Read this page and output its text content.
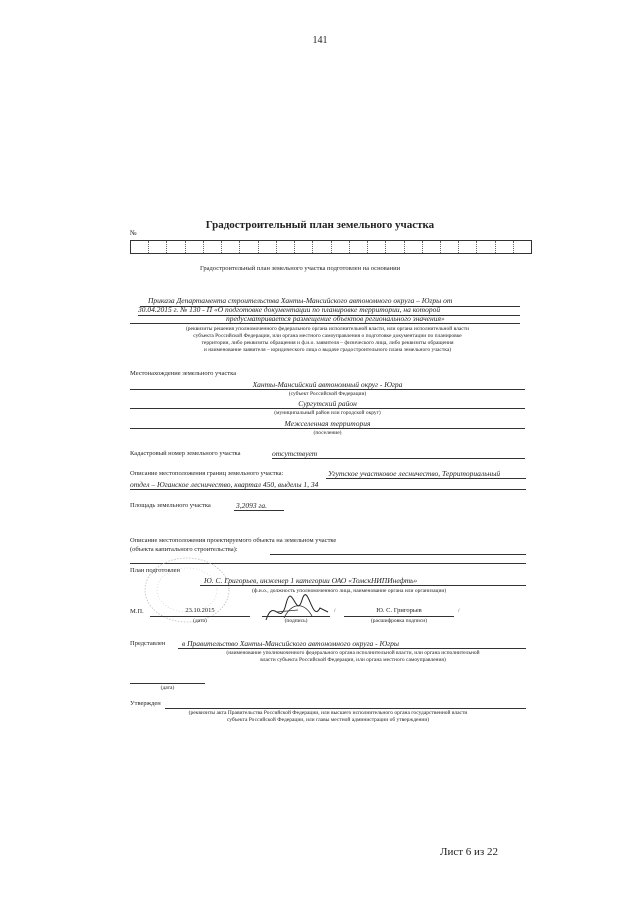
141
Градостроительный план земельного участка
№
Градостроительный план земельного участка подготовлен на основании
Приказа Департамента строительства Ханты-Мансийского автономного округа – Югры от
30.04.2015 г. № 130 - П «О подготовке документации по планировке территории, на которой
предусматривается размещение объектов регионального значения»
(реквизиты решения уполномоченного федерального органа исполнительной власти, или органа исполнительной власти
субъекта Российской Федерации, или органа местного самоуправления о подготовке документации по планировке
территории, либо реквизиты обращения и ф.и.о. заявителя – физического лица, либо реквизиты обращения
и наименование заявителя – юридического лица о выдаче градостроительного плана земельного участка)
Местонахождение земельного участка
Ханты-Мансийский автономный округ - Югра
(субъект Российской Федерации)
Сургутский район
(муниципальный район или городской округ)
Межселенная территория
(поселение)
Кадастровый номер земельного участка	отсутствует
Описание местоположения границ земельного участка:	Угутское участковое лесничество, Территориальный
отдел – Юганское лесничество, квартал 450, выделы 1, 34
Площадь земельного участка	3,2093 га.
Описание местоположения проектируемого объекта на земельном участке
(объекта капитального строительства):
План подготовлен
Ю. С. Григорьев, инженер 1 категории ОАО «ТомскНИПИнефть»
(ф.и.о., должность уполномоченного лица, наименование органа или организации)
М.П.	23.10.2015
(дата)	(подпись)
/	Ю. С. Григорьев
(расшифровка подписи)
/
Представлен в Правительство Ханты-Мансийского автономного округа - Югры
(наименование уполномоченного федерального органа исполнительной власти, или органа исполнительной
власти субъекта Российской Федерации, или органа местного самоуправления)
(дата)
Утвержден
(реквизиты акта Правительства Российской Федерации, или высшего исполнительного органа государственной власти
субъекта Российской Федерации, или главы местной администрации об утверждении)
Лист 6 из 22
